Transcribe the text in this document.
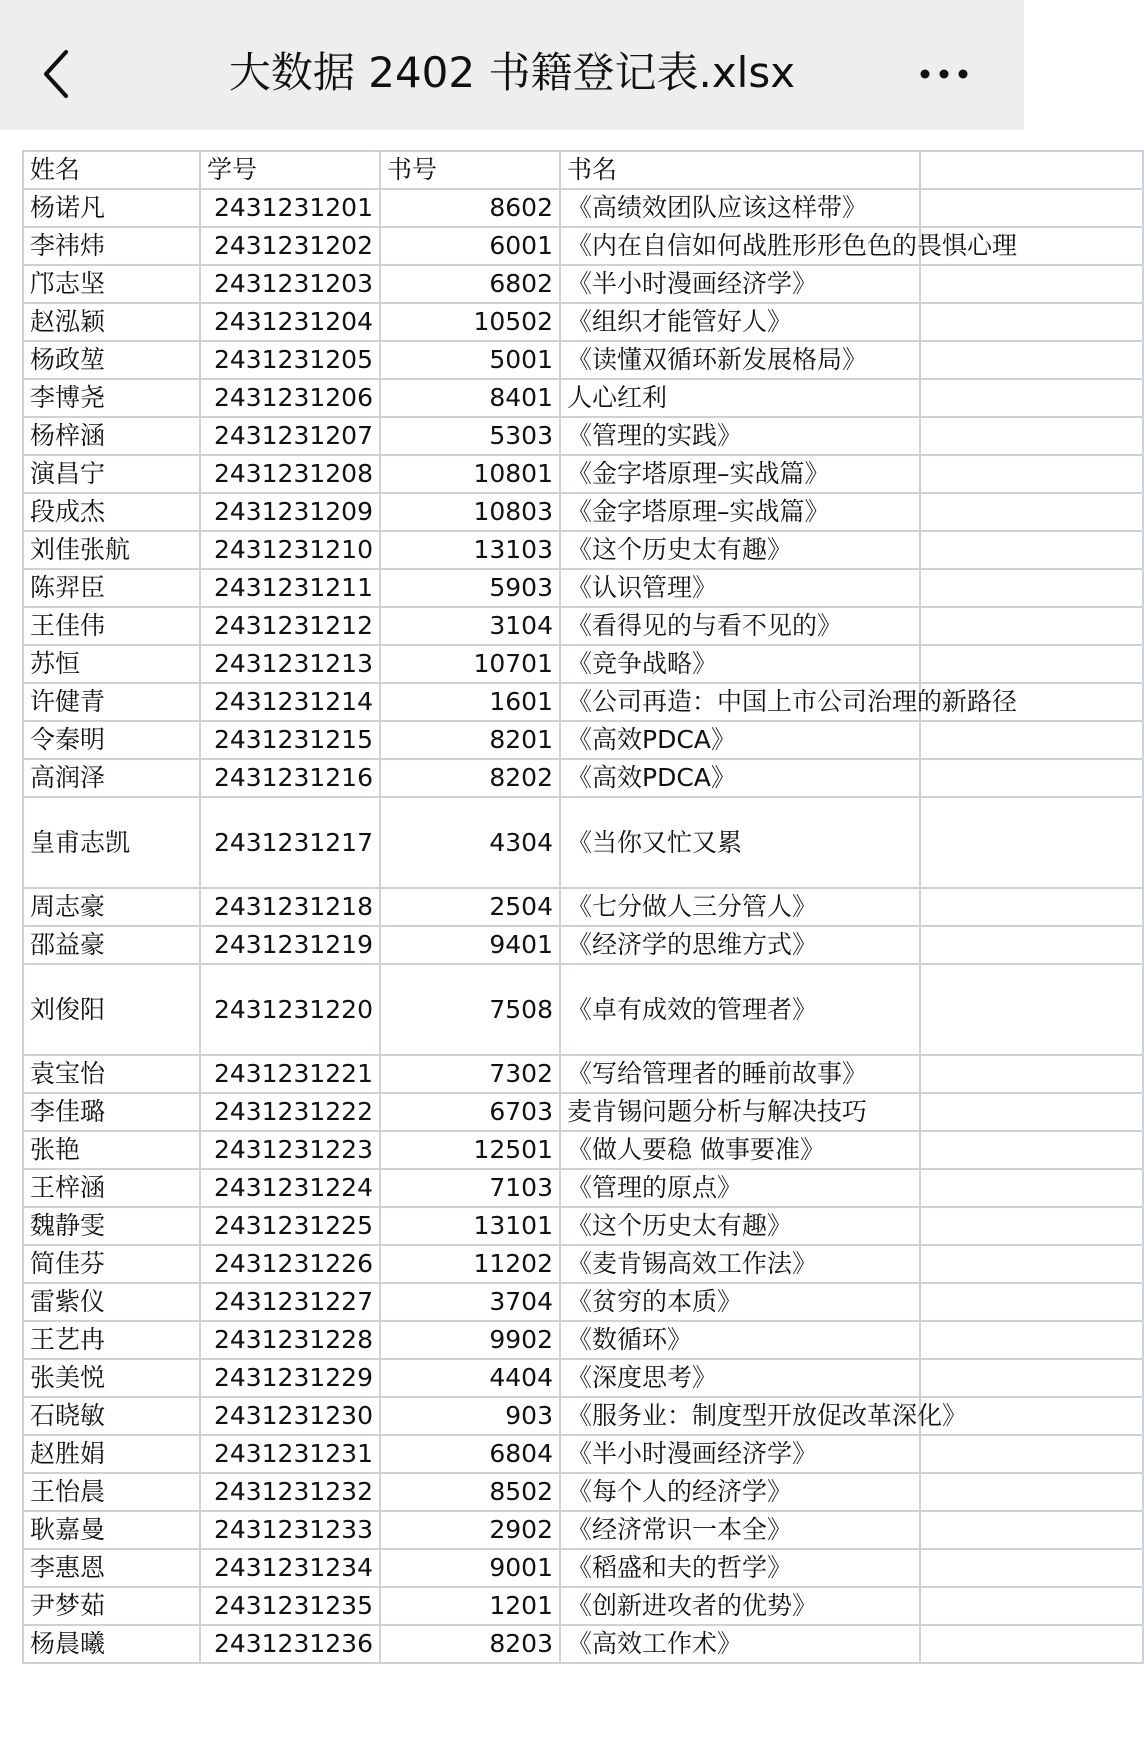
大数据 2402 书籍登记表.xlsx
姓名	学号	书号	书名	
杨诺凡	2431231201	8602	《高绩效团队应该这样带》	
李祎炜	2431231202	6001	《内在自信如何战胜形形色色的畏惧心理	
邝志坚	2431231203	6802	《半小时漫画经济学》	
赵泓颖	2431231204	10502	《组织才能管好人》	
杨政堃	2431231205	5001	《读懂双循环新发展格局》	
李博尧	2431231206	8401	人心红利	
杨梓涵	2431231207	5303	《管理的实践》	
演昌宁	2431231208	10801	《金字塔原理–实战篇》	
段成杰	2431231209	10803	《金字塔原理–实战篇》	
刘佳张航	2431231210	13103	《这个历史太有趣》	
陈羿臣	2431231211	5903	《认识管理》	
王佳伟	2431231212	3104	《看得见的与看不见的》	
苏恒	2431231213	10701	《竞争战略》	
许健青	2431231214	1601	《公司再造：中国上市公司治理的新路径	
令秦明	2431231215	8201	《高效PDCA》	
高润泽	2431231216	8202	《高效PDCA》	
皇甫志凯	2431231217	4304	《当你又忙又累	
周志豪	2431231218	2504	《七分做人三分管人》	
邵益豪	2431231219	9401	《经济学的思维方式》	
刘俊阳	2431231220	7508	《卓有成效的管理者》	
袁宝怡	2431231221	7302	《写给管理者的睡前故事》	
李佳璐	2431231222	6703	麦肯锡问题分析与解决技巧	
张艳	2431231223	12501	《做人要稳 做事要准》	
王梓涵	2431231224	7103	《管理的原点》	
魏静雯	2431231225	13101	《这个历史太有趣》	
简佳芬	2431231226	11202	《麦肯锡高效工作法》	
雷紫仪	2431231227	3704	《贫穷的本质》	
王艺冉	2431231228	9902	《数循环》	
张美悦	2431231229	4404	《深度思考》	
石晓敏	2431231230	903	《服务业：制度型开放促改革深化》	
赵胜娟	2431231231	6804	《半小时漫画经济学》	
王怡晨	2431231232	8502	《每个人的经济学》	
耿嘉曼	2431231233	2902	《经济常识一本全》	
李惠恩	2431231234	9001	《稻盛和夫的哲学》	
尹梦茹	2431231235	1201	《创新进攻者的优势》	
杨晨曦	2431231236	8203	《高效工作术》	
